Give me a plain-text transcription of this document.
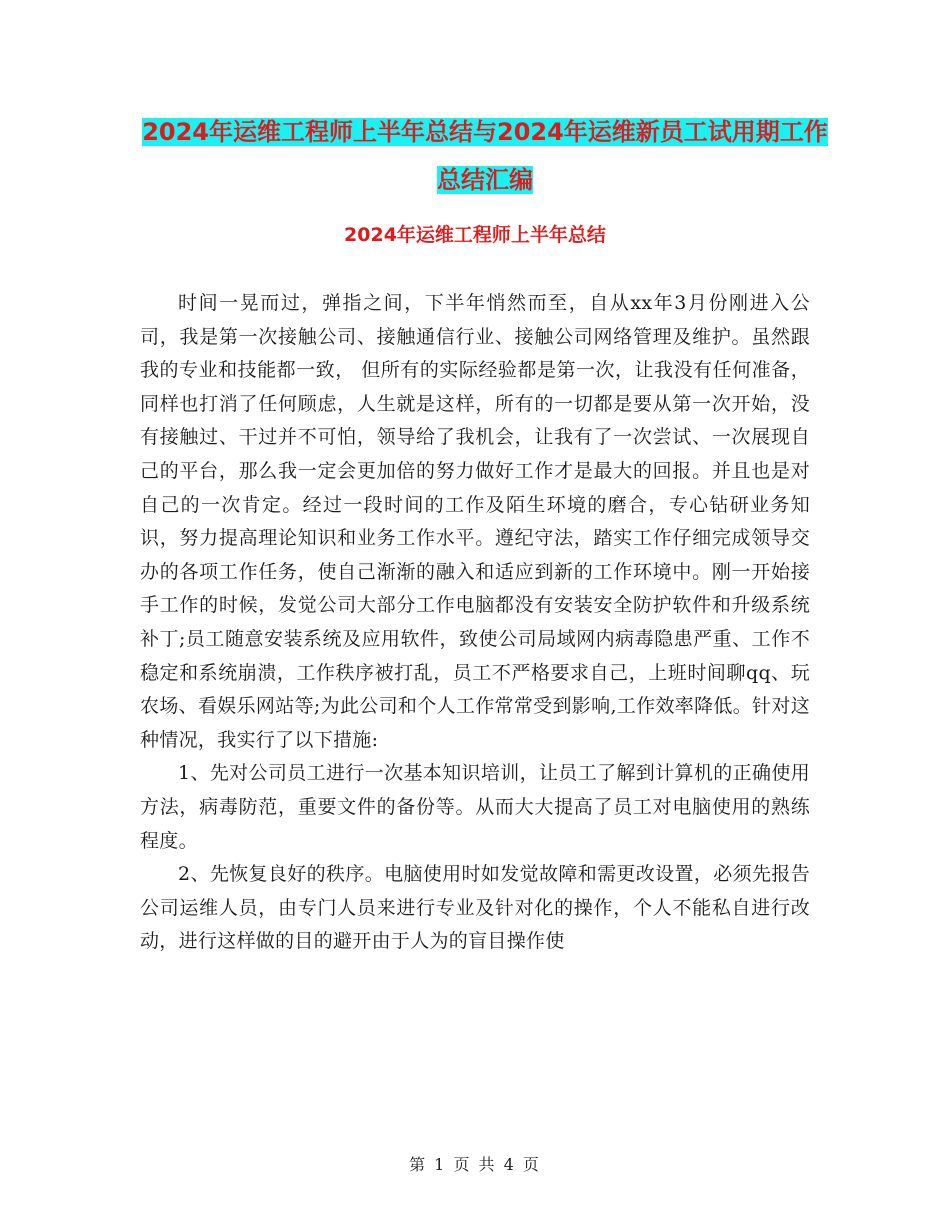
2024年运维工程师上半年总结与2024年运维新员工试用期工作总结汇编
2024年运维工程师上半年总结

时间一晃而过，弹指之间，下半年悄然而至，自从xx年3月份刚进入公司，我是第一次接触公司、接触通信行业、接触公司网络管理及维护。虽然跟我的专业和技能都一致， 但所有的实际经验都是第一次，让我没有任何准备，同样也打消了任何顾虑，人生就是这样，所有的一切都是要从第一次开始，没有接触过、干过并不可怕，领导给了我机会，让我有了一次尝试、一次展现自己的平台，那么我一定会更加倍的努力做好工作才是最大的回报。并且也是对自己的一次肯定。经过一段时间的工作及陌生环境的磨合，专心钻研业务知识，努力提高理论知识和业务工作水平。遵纪守法，踏实工作仔细完成领导交办的各项工作任务，使自己渐渐的融入和适应到新的工作环境中。刚一开始接手工作的时候，发觉公司大部分工作电脑都没有安装安全防护软件和升级系统补丁;员工随意安装系统及应用软件，致使公司局域网内病毒隐患严重、工作不稳定和系统崩溃，工作秩序被打乱，员工不严格要求自己，上班时间聊qq、玩农场、看娱乐网站等;为此公司和个人工作常常受到影响,工作效率降低。针对这种情况，我实行了以下措施:

1、先对公司员工进行一次基本知识培训，让员工了解到计算机的正确使用方法，病毒防范，重要文件的备份等。从而大大提高了员工对电脑使用的熟练程度。

2、先恢复良好的秩序。电脑使用时如发觉故障和需更改设置，必须先报告公司运维人员，由专门人员来进行专业及针对化的操作，个人不能私自进行改动，进行这样做的目的避开由于人为的盲目操作使

第 1 页 共 4 页
